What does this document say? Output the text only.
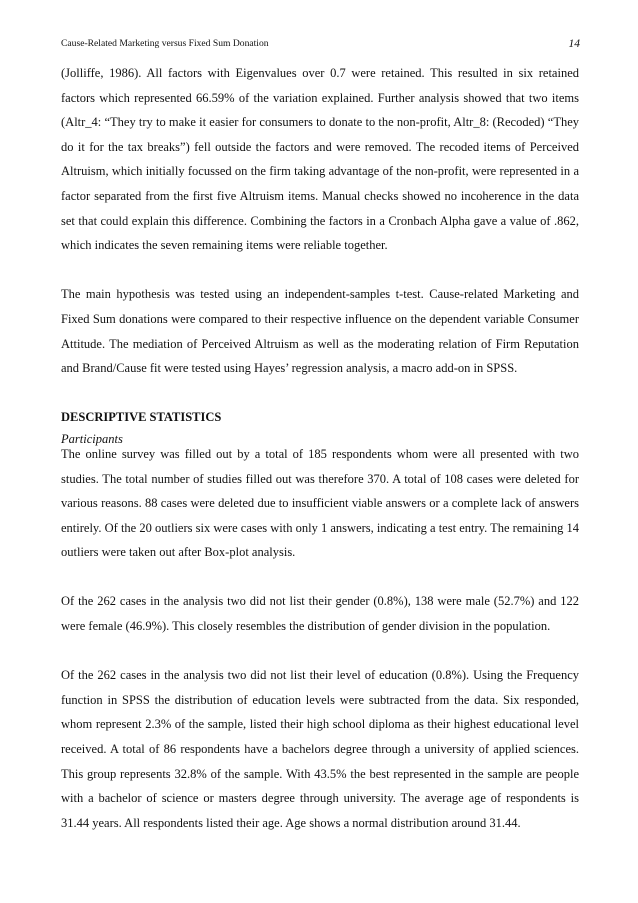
Cause-Related Marketing versus Fixed Sum Donation	14

(Jolliffe, 1986). All factors with Eigenvalues over 0.7 were retained. This resulted in six retained factors which represented 66.59% of the variation explained. Further analysis showed that two items (Altr_4: “They try to make it easier for consumers to donate to the non-profit, Altr_8: (Recoded) “They do it for the tax breaks”) fell outside the factors and were removed. The recoded items of Perceived Altruism, which initially focussed on the firm taking advantage of the non-profit, were represented in a factor separated from the first five Altruism items. Manual checks showed no incoherence in the data set that could explain this difference. Combining the factors in a Cronbach Alpha gave a value of .862, which indicates the seven remaining items were reliable together.

The main hypothesis was tested using an independent-samples t-test. Cause-related Marketing and Fixed Sum donations were compared to their respective influence on the dependent variable Consumer Attitude. The mediation of Perceived Altruism as well as the moderating relation of Firm Reputation and Brand/Cause fit were tested using Hayes’ regression analysis, a macro add-on in SPSS.

DESCRIPTIVE STATISTICS
Participants

The online survey was filled out by a total of 185 respondents whom were all presented with two studies. The total number of studies filled out was therefore 370. A total of 108 cases were deleted for various reasons. 88 cases were deleted due to insufficient viable answers or a complete lack of answers entirely. Of the 20 outliers six were cases with only 1 answers, indicating a test entry. The remaining 14 outliers were taken out after Box-plot analysis.

Of the 262 cases in the analysis two did not list their gender (0.8%), 138 were male (52.7%) and 122 were female (46.9%). This closely resembles the distribution of gender division in the population.

Of the 262 cases in the analysis two did not list their level of education (0.8%). Using the Frequency function in SPSS the distribution of education levels were subtracted from the data. Six responded, whom represent 2.3% of the sample, listed their high school diploma as their highest educational level received. A total of 86 respondents have a bachelors degree through a university of applied sciences. This group represents 32.8% of the sample. With 43.5% the best represented in the sample are people with a bachelor of science or masters degree through university. The average age of respondents is 31.44 years. All respondents listed their age. Age shows a normal distribution around 31.44.
